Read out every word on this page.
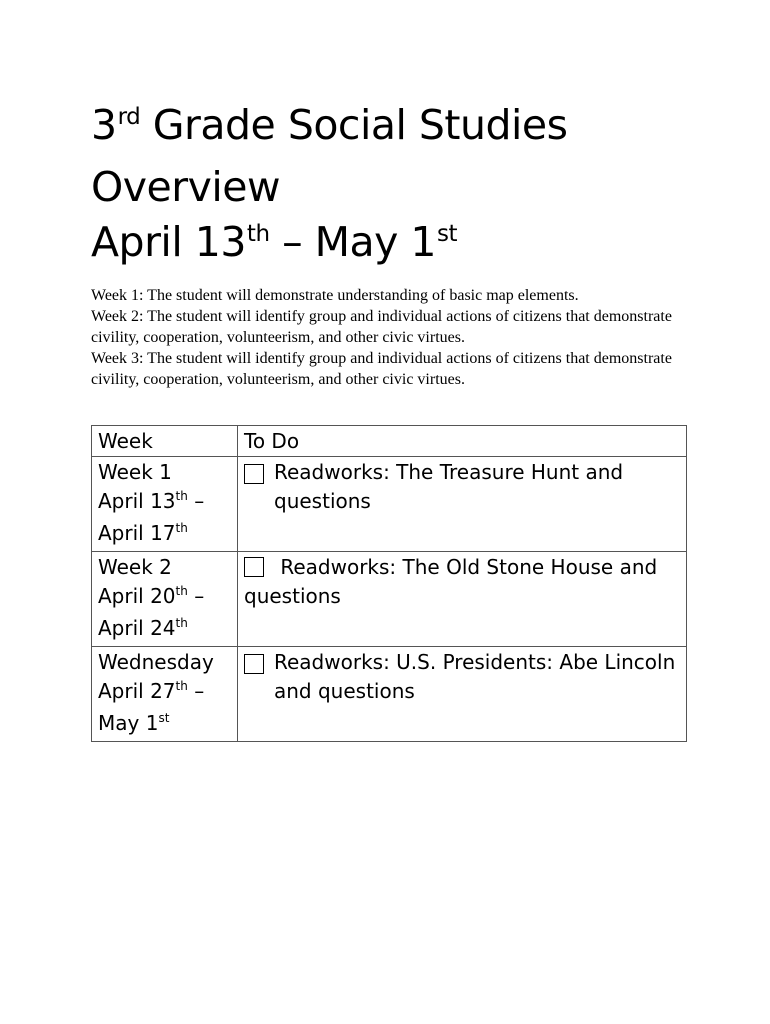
3rd Grade Social Studies
Overview
April 13th – May 1st

Week 1: The student will demonstrate understanding of basic map elements.

Week 2: The student will identify group and individual actions of citizens that demonstrate civility, cooperation, volunteerism, and other civic virtues.

Week 3: The student will identify group and individual actions of citizens that demonstrate civility, cooperation, volunteerism, and other civic virtues.

Week	To Do

Week 1
April 13th –
April 17th	Readworks: The Treasure Hunt and questions

Week 2
April 20th –
April 24th	Readworks: The Old Stone House and questions

Wednesday
April 27th –
May 1st	Readworks: U.S. Presidents: Abe Lincoln and questions
